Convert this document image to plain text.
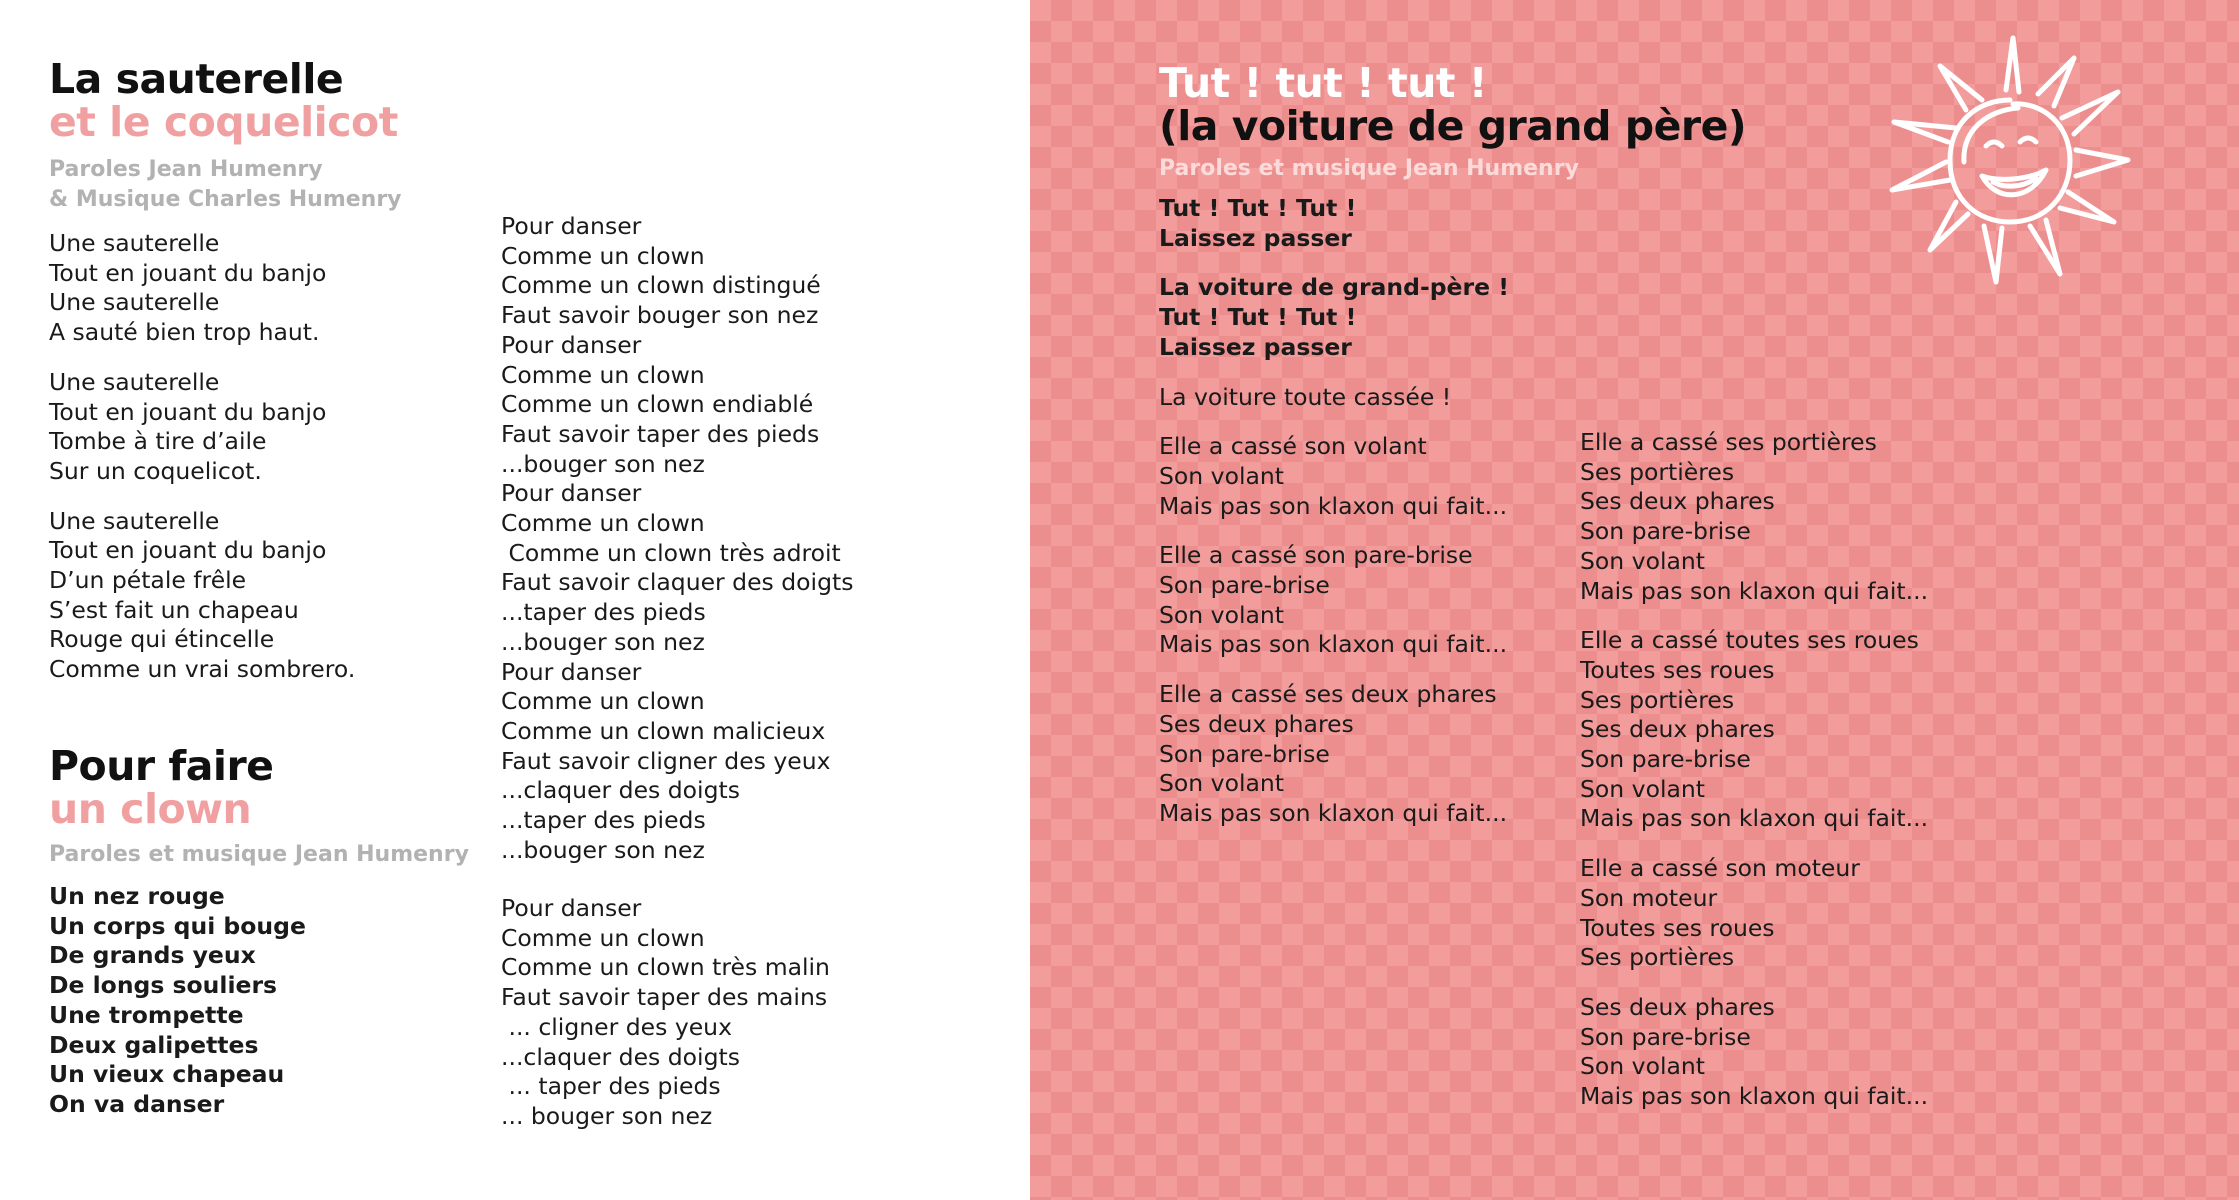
La sauterelle
et le coquelicot

Paroles Jean Humenry
& Musique Charles Humenry

Une sauterelle
Tout en jouant du banjo
Une sauterelle
A sauté bien trop haut.
Une sauterelle
Tout en jouant du banjo
Tombe à tire d’aile
Sur un coquelicot.
Une sauterelle
Tout en jouant du banjo
D’un pétale frêle
S’est fait un chapeau
Rouge qui étincelle
Comme un vrai sombrero.
Pour faire
un clown

Paroles et musique Jean Humenry

Un nez rouge
Un corps qui bouge
De grands yeux
De longs souliers
Une trompette
Deux galipettes
Un vieux chapeau
On va danser
Pour danser
Comme un clown
Comme un clown distingué
Faut savoir bouger son nez
Pour danser
Comme un clown
Comme un clown endiablé
Faut savoir taper des pieds
...bouger son nez
Pour danser
Comme un clown
Comme un clown très adroit
Faut savoir claquer des doigts
...taper des pieds
...bouger son nez
Pour danser
Comme un clown
Comme un clown malicieux
Faut savoir cligner des yeux
...claquer des doigts
...taper des pieds
...bouger son nez
Pour danser
Comme un clown
Comme un clown très malin
Faut savoir taper des mains
... cligner des yeux
...claquer des doigts
... taper des pieds
... bouger son nez
Tut ! tut ! tut !
(la voiture de grand père)

Paroles et musique Jean Humenry

Tut ! Tut ! Tut !
Laissez passer
La voiture de grand-père !
Tut ! Tut ! Tut !
Laissez passer
La voiture toute cassée !
Elle a cassé son volant
Son volant
Mais pas son klaxon qui fait...
Elle a cassé son pare-brise
Son pare-brise
Son volant
Mais pas son klaxon qui fait...
Elle a cassé ses deux phares
Ses deux phares
Son pare-brise
Son volant
Mais pas son klaxon qui fait...
Elle a cassé ses portières
Ses portières
Ses deux phares
Son pare-brise
Son volant
Mais pas son klaxon qui fait...
Elle a cassé toutes ses roues
Toutes ses roues
Ses portières
Ses deux phares
Son pare-brise
Son volant
Mais pas son klaxon qui fait...
Elle a cassé son moteur
Son moteur
Toutes ses roues
Ses portières
Ses deux phares
Son pare-brise
Son volant
Mais pas son klaxon qui fait...
